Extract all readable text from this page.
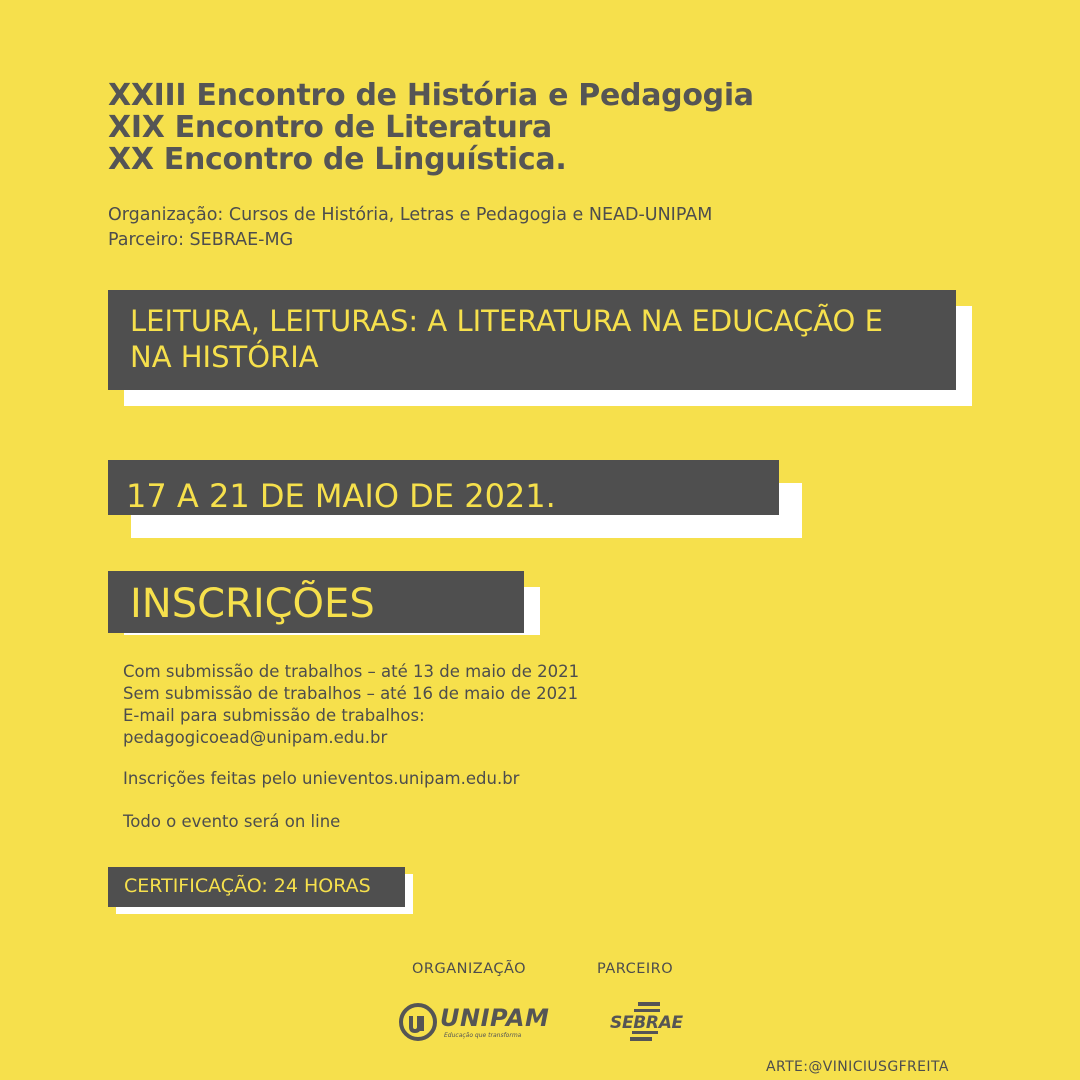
XXIII Encontro de História e Pedagogia
XIX Encontro de Literatura
XX Encontro de Linguística.
Organização: Cursos de História, Letras e Pedagogia e NEAD-UNIPAM
Parceiro: SEBRAE-MG
LEITURA, LEITURAS: A LITERATURA NA EDUCAÇÃO E
NA HISTÓRIA
17 A 21 DE MAIO DE 2021.
INSCRIÇÕES
Com submissão de trabalhos – até 13 de maio de 2021
Sem submissão de trabalhos – até 16 de maio de 2021
E-mail para submissão de trabalhos:
pedagogicoead@unipam.edu.br
Inscrições feitas pelo unieventos.unipam.edu.br
Todo o evento será on line
CERTIFICAÇÃO: 24 HORAS
ORGANIZAÇÃO	PARCEIRO
UNIPAM
Educação que transforma
SEBRAE
ARTE:@VINICIUSGFREITA
